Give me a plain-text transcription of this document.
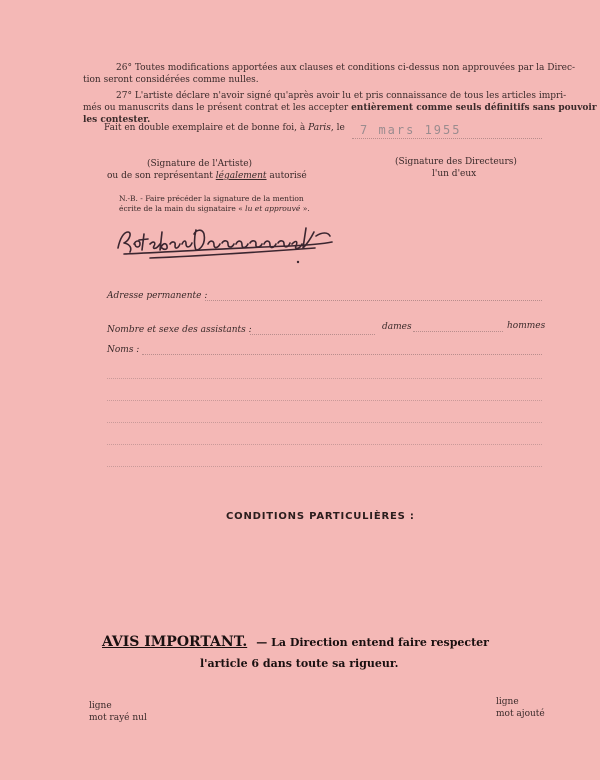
26° Toutes modifications apportées aux clauses et conditions ci-dessus non approuvées par la Direc-
tion seront considérées comme nulles.
27° L'artiste déclare n'avoir signé qu'après avoir lu et pris connaissance de tous les articles impri-
més ou manuscrits dans le présent contrat et les accepter entièrement comme seuls définitifs sans pouvoir
les contester.
Fait en double exemplaire et de bonne foi, à Paris, le 7 mars 1955
(Signature de l'Artiste)
ou de son représentant légalement autorisé
(Signature des Directeurs)
l'un d'eux
N.-B. - Faire précéder la signature de la mention
écrite de la main du signataire « lu et approuvé ».
Adresse permanente :
Nombre et sexe des assistants :	dames	hommes
Noms :
CONDITIONS PARTICULIÈRES :
AVIS IMPORTANT. — La Direction entend faire respecter
l'article 6 dans toute sa rigueur.
ligne
mot rayé nul
ligne
mot ajouté
